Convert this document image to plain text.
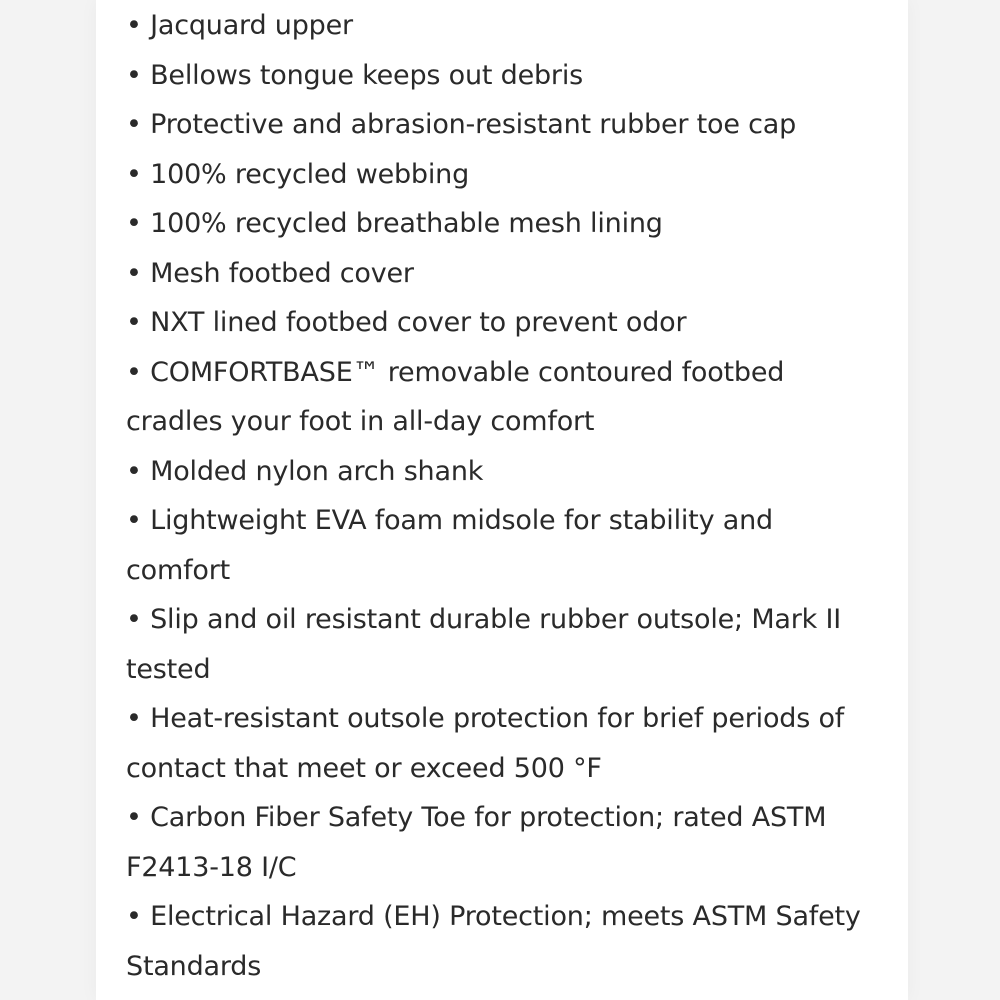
• Jacquard upper
• Bellows tongue keeps out debris
• Protective and abrasion-resistant rubber toe cap
• 100% recycled webbing
• 100% recycled breathable mesh lining
• Mesh footbed cover
• NXT lined footbed cover to prevent odor
• COMFORTBASE™ removable contoured footbed cradles your foot in all-day comfort
• Molded nylon arch shank
• Lightweight EVA foam midsole for stability and comfort
• Slip and oil resistant durable rubber outsole; Mark II tested
• Heat-resistant outsole protection for brief periods of contact that meet or exceed 500 °F
• Carbon Fiber Safety Toe for protection; rated ASTM F2413-18 I/C
• Electrical Hazard (EH) Protection; meets ASTM Safety Standards
